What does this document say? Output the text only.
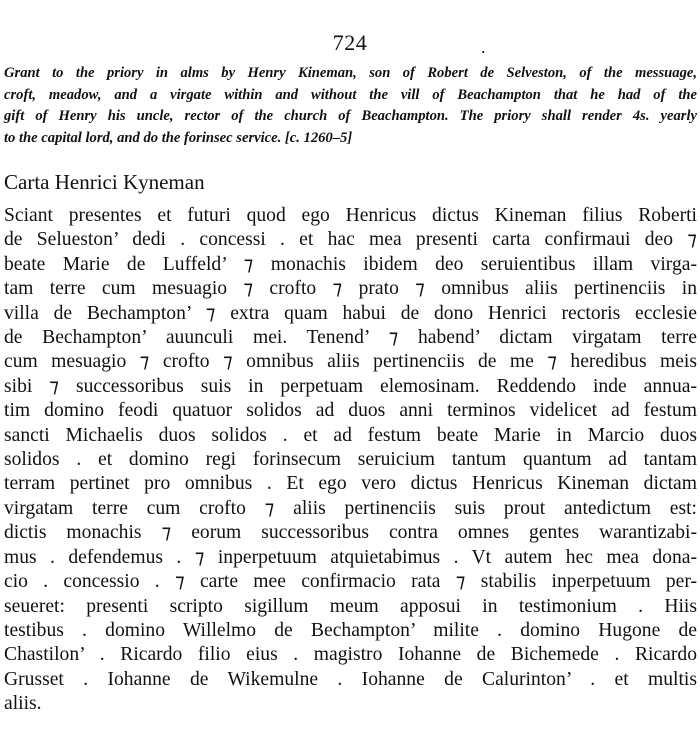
724	.
Grant to the priory in alms by Henry Kineman, son of Robert de Selveston, of the messuage,
croft, meadow, and a virgate within and without the vill of Beachampton that he had of the
gift of Henry his uncle, rector of the church of Beachampton. The priory shall render 4s. yearly
to the capital lord, and do the forinsec service. [c. 1260–5]
Carta Henrici Kyneman
Sciant presentes et futuri quod ego Henricus dictus Kineman filius Roberti
de Selueston’ dedi . concessi . et hac mea presenti carta confirmaui deo ⁊
beate Marie de Luffeld’ ⁊ monachis ibidem deo seruientibus illam virga-
tam terre cum mesuagio ⁊ crofto ⁊ prato ⁊ omnibus aliis pertinenciis in
villa de Bechampton’ ⁊ extra quam habui de dono Henrici rectoris ecclesie
de Bechampton’ auunculi mei. Tenend’ ⁊ habend’ dictam virgatam terre
cum mesuagio ⁊ crofto ⁊ omnibus aliis pertinenciis de me ⁊ heredibus meis
sibi ⁊ successoribus suis in perpetuam elemosinam. Reddendo inde annua-
tim domino feodi quatuor solidos ad duos anni terminos videlicet ad festum
sancti Michaelis duos solidos . et ad festum beate Marie in Marcio duos
solidos . et domino regi forinsecum seruicium tantum quantum ad tantam
terram pertinet pro omnibus . Et ego vero dictus Henricus Kineman dictam
virgatam terre cum crofto ⁊ aliis pertinenciis suis prout antedictum est:
dictis monachis ⁊ eorum successoribus contra omnes gentes warantizabi-
mus . defendemus . ⁊ inperpetuum atquietabimus . Vt autem hec mea dona-
cio . concessio . ⁊ carte mee confirmacio rata ⁊ stabilis inperpetuum per-
seueret: presenti scripto sigillum meum apposui in testimonium . Hiis
testibus . domino Willelmo de Bechampton’ milite . domino Hugone de
Chastilon’ . Ricardo filio eius . magistro Iohanne de Bichemede . Ricardo
Grusset . Iohanne de Wikemulne . Iohanne de Calurinton’ . et multis
aliis.
